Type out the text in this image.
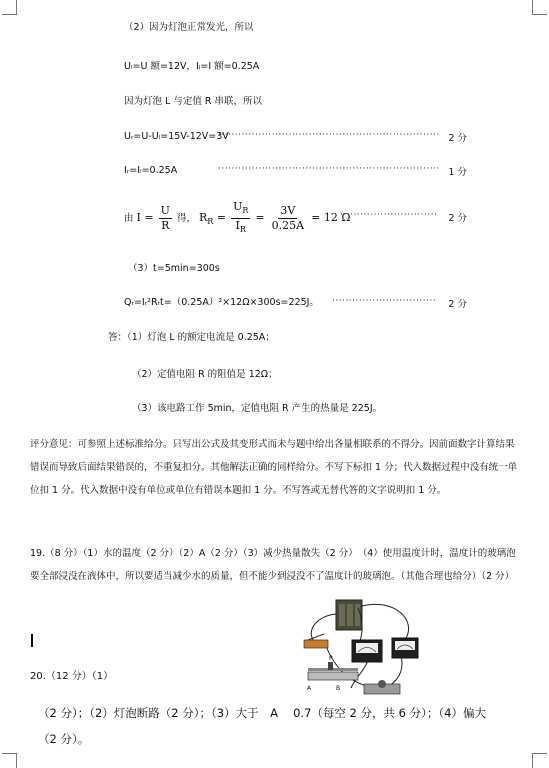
（2）因为灯泡正常发光，所以
Uₗ=U 额=12V，Iₗ=I 额=0.25A
因为灯泡 L 与定值 R 串联，所以
Uᵣ=U-Uₗ=15V-12V=3V
·································································· 2 分
Iᵣ=Iₗ=0.25A	·································································· 1 分
由 $I = \frac{U}{R}$ 得， $R_R = \frac{U_R}{I_R} = \frac{3V}{0.25A} = 12$ Ω
····························· 2 分
（3）t=5min=300s
Qᵣ=Iᵣ²Rᵣt=（0.25A）²×12Ω×300s=225J。 ······························· 2 分
答：（1）灯泡 L 的额定电流是 0.25A；
（2）定值电阻 R 的阻值是 12Ω；
（3）该电路工作 5min，定值电阻 R 产生的热量是 225J。
评分意见：可参照上述标准给分。只写出公式及其变形式而未与题中给出各量相联系的不得分。因前面数字计算结果错误而导致后面结果错误的，不重复扣分。其他解法正确的同样给分。不写下标扣 1 分；代入数据过程中没有统一单位扣 1 分。代入数据中没有单位或单位有错误本题扣 1 分。不写答或无替代答的文字说明扣 1 分。
19.（8 分）（1）水的温度（2 分）（2）A（2 分）（3）减少热量散失（2 分）　（4）使用温度计时，温度计的玻璃泡要全部浸没在液体中，所以要适当减少水的质量，但不能少到浸没不了温度计的玻璃泡。（其他合理也给分）（2 分）
20.（12 分）（1）
P
A	B
（2 分）；（2）灯泡断路（2 分）；（3）大于　A　 0.7（每空 2 分，共 6 分）；（4）偏大
（2 分）。
